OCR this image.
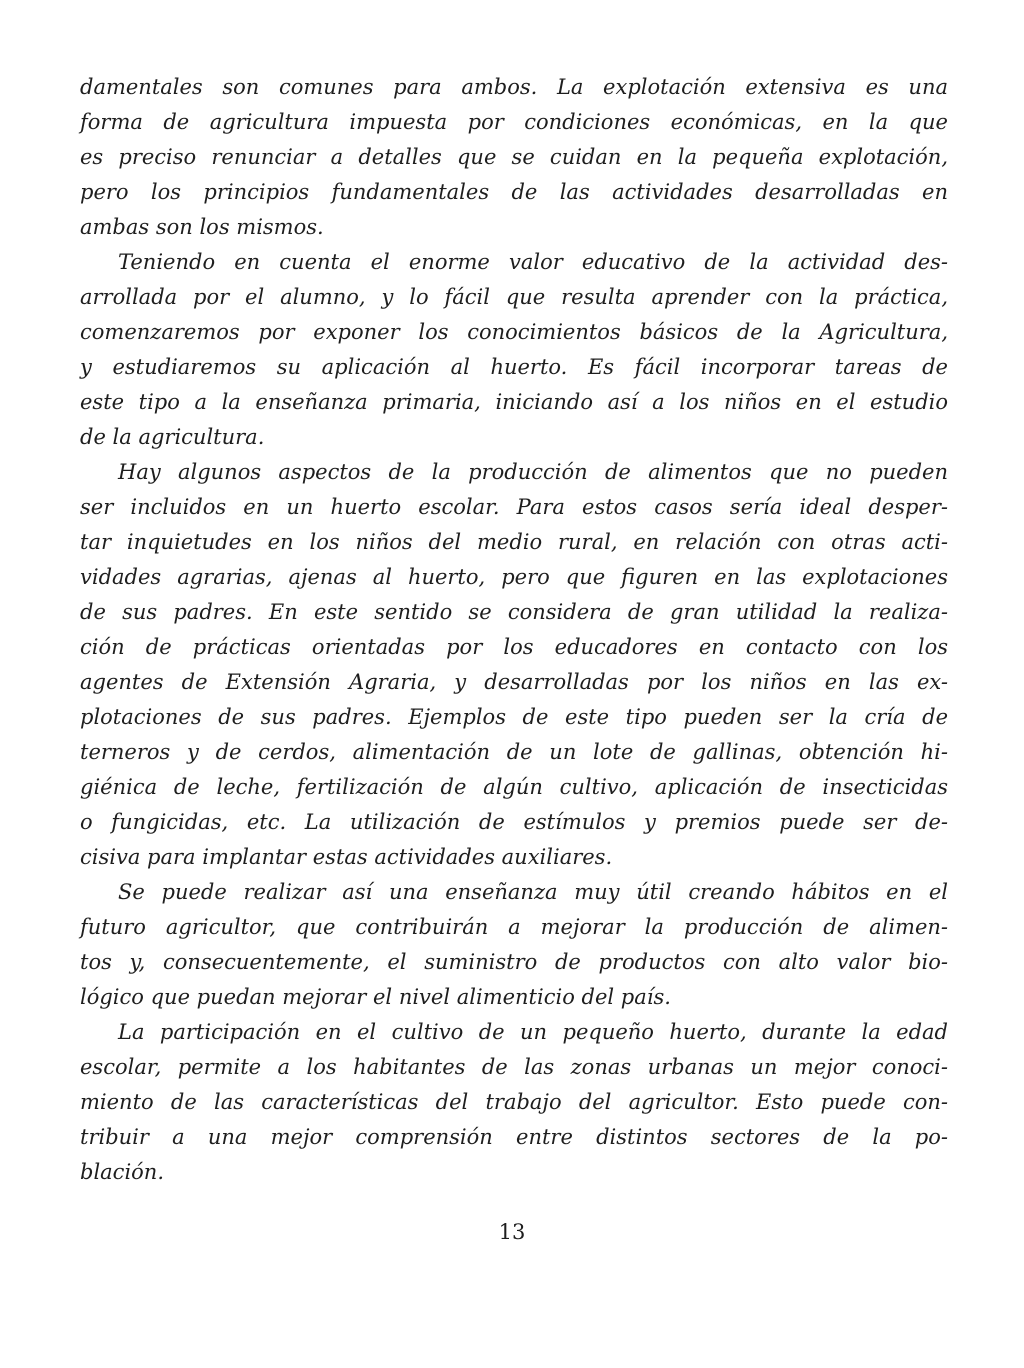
damentales son comunes para ambos. La explotación extensiva es una
forma de agricultura impuesta por condiciones económicas, en la que
es preciso renunciar a detalles que se cuidan en la pequeña explotación,
pero los principios fundamentales de las actividades desarrolladas en
ambas son los mismos.
Teniendo en cuenta el enorme valor educativo de la actividad des-
arrollada por el alumno, y lo fácil que resulta aprender con la práctica,
comenzaremos por exponer los conocimientos básicos de la Agricultura,
y estudiaremos su aplicación al huerto. Es fácil incorporar tareas de
este tipo a la enseñanza primaria, iniciando así a los niños en el estudio
de la agricultura.
Hay algunos aspectos de la producción de alimentos que no pueden
ser incluidos en un huerto escolar. Para estos casos sería ideal desper-
tar inquietudes en los niños del medio rural, en relación con otras acti-
vidades agrarias, ajenas al huerto, pero que figuren en las explotaciones
de sus padres. En este sentido se considera de gran utilidad la realiza-
ción de prácticas orientadas por los educadores en contacto con los
agentes de Extensión Agraria, y desarrolladas por los niños en las ex-
plotaciones de sus padres. Ejemplos de este tipo pueden ser la cría de
terneros y de cerdos, alimentación de un lote de gallinas, obtención hi-
giénica de leche, fertilización de algún cultivo, aplicación de insecticidas
o fungicidas, etc. La utilización de estímulos y premios puede ser de-
cisiva para implantar estas actividades auxiliares.
Se puede realizar así una enseñanza muy útil creando hábitos en el
futuro agricultor, que contribuirán a mejorar la producción de alimen-
tos y, consecuentemente, el suministro de productos con alto valor bio-
lógico que puedan mejorar el nivel alimenticio del país.
La participación en el cultivo de un pequeño huerto, durante la edad
escolar, permite a los habitantes de las zonas urbanas un mejor conoci-
miento de las características del trabajo del agricultor. Esto puede con-
tribuir a una mejor comprensión entre distintos sectores de la po-
blación.
13
